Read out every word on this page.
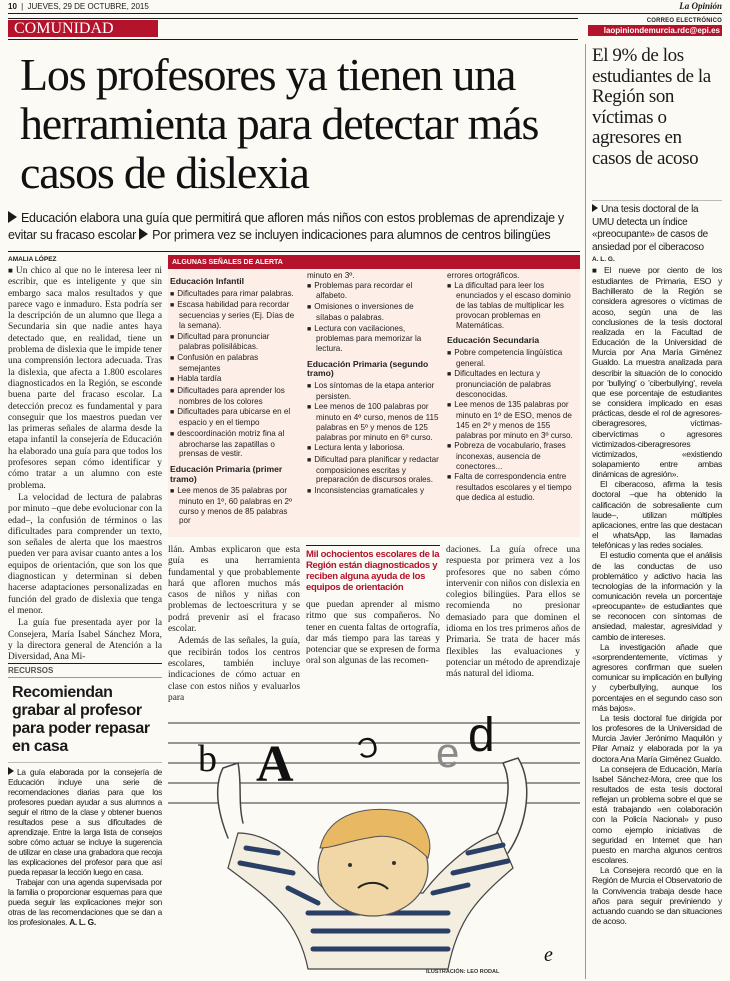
10 | JUEVES, 29 DE OCTUBRE, 2015	La Opinión
COMUNIDAD	CORREO ELECTRÓNICO
laopiniondemurcia.rdc@epi.es
Los profesores ya tienen una herramienta para detectar más casos de dislexia
Educación elabora una guía que permitirá que afloren más niños con estos problemas de aprendizaje y evitar su fracaso escolar Por primera vez se incluyen indicaciones para alumnos de centros bilingües
AMALIA LÓPEZ

■ Un chico al que no le interesa leer ni escribir, que es inteligente y que sin embargo saca malos resultados y que parece vago e inmaduro. Esta podría ser la descripción de un alumno que llega a Secundaria sin que nadie antes haya detectado que, en realidad, tiene un problema de dislexia que le impide tener una comprensión lectora adecuada. Tras la dislexia, que afecta a 1.800 escolares diagnosticados en la Región, se esconde buena parte del fracaso escolar. La detección precoz es fundamental y para conseguir que los maestros puedan ver las primeras señales de alarma desde la etapa infantil la consejería de Educación ha elaborado una guía para que todos los profesores sepan cómo identificar y cómo tratar a un alumno con este problema.

La velocidad de lectura de palabras por minuto –que debe evolucionar con la edad–, la confusión de términos o las dificultades para comprender un texto, son señales de alerta que los maestros pueden ver para avisar cuanto antes a los equipos de orientación, que son los que diagnostican y determinan si deben hacerse adaptaciones personalizadas en función del grado de dislexia que tenga el menor.

La guía fue presentada ayer por la Consejera, María Isabel Sánchez Mora, y la directora general de Atención a la Diversidad, Ana Mi-

ALGUNAS SEÑALES DE ALERTA
Educación Infantil
■ Dificultades para rimar palabras.
■ Escasa habilidad para recordar secuencias y series (Ej. Días de la semana).
■ Dificultad para pronunciar palabras polisilábicas.
■ Confusión en palabras semejantes
■ Habla tardía
■ Dificultades para aprender los nombres de los colores
■ Dificultades para ubicarse en el espacio y en el tiempo
■ descoordinación motriz fina al abrocharse las zapatillas o prensas de vestir.
Educación Primaria (primer tramo)
■ Lee menos de 35 palabras por minuto en 1º, 60 palabras en 2º curso y menos de 85 palabras por
minuto en 3º.
■ Problemas para recordar el alfabeto.
■ Omisiones o inversiones de sílabas o palabras.
■ Lectura con vacilaciones, problemas para memorizar la lectura.
Educación Primaria (segundo tramo)
■ Los síntomas de la etapa anterior persisten.
■ Lee menos de 100 palabras por minuto en 4º curso, menos de 115 palabras en 5º y menos de 125 palabras por minuto en 6º curso.
■ Lectura lenta y laboriosa.
■ Dificultad para planificar y redactar composiciones escritas y preparación de discursos orales.
■ Inconsistencias gramaticales y
errores ortográficos.
■ La dificultad para leer los enunciados y el escaso dominio de las tablas de multiplicar les provocan problemas en Matemáticas.
Educación Secundaria
■ Pobre competencia lingüística general.
■ Dificultades en lectura y pronunciación de palabras desconocidas.
■ Lee menos de 135 palabras por minuto en 1º de ESO, menos de 145 en 2º y menos de 155 palabras por minuto en 3º curso.
■ Pobreza de vocabulario, frases inconexas, ausencia de conectores...
■ Falta de correspondencia entre resultados escolares y el tiempo que dedica al estudio.

llán. Ambas explicaron que esta guía es una herramienta fundamental y que probablemente hará que afloren muchos más casos de niños y niñas con problemas de lectoescritura y se podrá prevenir así el fracaso escolar.

Además de las señales, la guía, que recibirán todos los centros escolares, también incluye indicaciones de cómo actuar en clase con estos niños y evaluarlos para

Mil ochocientos escolares de la Región están diagnosticados y reciben alguna ayuda de los equipos de orientación

que puedan aprender al mismo ritmo que sus compañeros. No tener en cuenta faltas de ortografía, dar más tiempo para las tareas y potenciar que se expresen de forma oral son algunas de las recomen-

daciones. La guía ofrece una respuesta por primera vez a los profesores que no saben cómo intervenir con niños con dislexia en colegios bilingües. Para ellos se recomienda no presionar demasiado para que dominen el idioma en los tres primeros años de Primaria. Se trata de hacer más flexibles las evaluaciones y potenciar un método de aprendizaje más natural del idioma.

RECURSOS
Recomiendan grabar al profesor para poder repasar en casa

La guía elaborada por la consejería de Educación incluye una serie de recomendaciones diarias para que los profesores puedan ayudar a sus alumnos a seguir el ritmo de la clase y obtener buenos resultados pese a sus dificultades de aprendizaje. Entre la larga lista de consejos sobre cómo actuar se incluye la sugerencia de utilizar en clase una grabadora que recoja las explicaciones del profesor para que así pueda repasar la lección luego en casa.

Trabajar con una agenda supervisada por la familia o proporcionar esquemas para que pueda seguir las explicaciones mejor son otras de las recomendaciones que se dan a los profesionales. A. L. G.

b A C e d
e
ILUSTRACIÓN: LEO RODAL
El 9% de los estudiantes de la Región son víctimas o agresores en casos de acoso
Una tesis doctoral de la UMU detecta un índice «preocupante» de casos de ansiedad por el ciberacoso
A. L. G.

■ El nueve por ciento de los estudiantes de Primaria, ESO y Bachillerato de la Región se considera agresores o víctimas de acoso, según una de las conclusiones de la tesis doctoral realizada en la Facultad de Educación de la Universidad de Murcia por Ana María Giménez Gualdo. La muestra analizada para describir la situación de lo conocido por 'bullying' o 'ciberbullying', revela que ese porcentaje de estudiantes se considera implicado en esas prácticas, desde el rol de agresores-ciberagresores, víctimas-cibervíctimas o agresores victimizados-ciberagresores victimizados, «existiendo solapamiento entre ambas dinámicas de agresión».

El ciberacoso, afirma la tesis doctoral –que ha obtenido la calificación de sobresaliente cum laude–, utilizan múltiples aplicaciones, entre las que destacan el whatsApp, las llamadas telefónicas y las redes sociales.

El estudio comenta que el análisis de las conductas de uso problemático y adictivo hacia las tecnologías de la información y la comunicación revela un porcentaje «preocupante» de estudiantes que se reconocen con síntomas de ansiedad, malestar, agresividad y cambio de intereses.

La investigación añade que «sorprendentemente, víctimas y agresores confirman que suelen comunicar su implicación en bullying y cyberbullying, aunque los porcentajes en el segundo caso son más bajos».

La tesis doctoral fue dirigida por los profesores de la Universidad de Murcia Javier Jerónimo Maquilón y Pilar Arnaiz y elaborada por la ya doctora Ana María Giménez Gualdo.

La consejera de Educación, María Isabel Sánchez-Mora, cree que los resultados de esta tesis doctoral reflejan un problema sobre el que se está trabajando «en colaboración con la Policía Nacional» y puso como ejemplo iniciativas de seguridad en Internet que han puesto en marcha algunos centros escolares.

La Consejera recordó que en la Región de Murcia el Observatorio de la Convivencia trabaja desde hace años para seguir previniendo y actuando cuando se dan situaciones de acoso.
